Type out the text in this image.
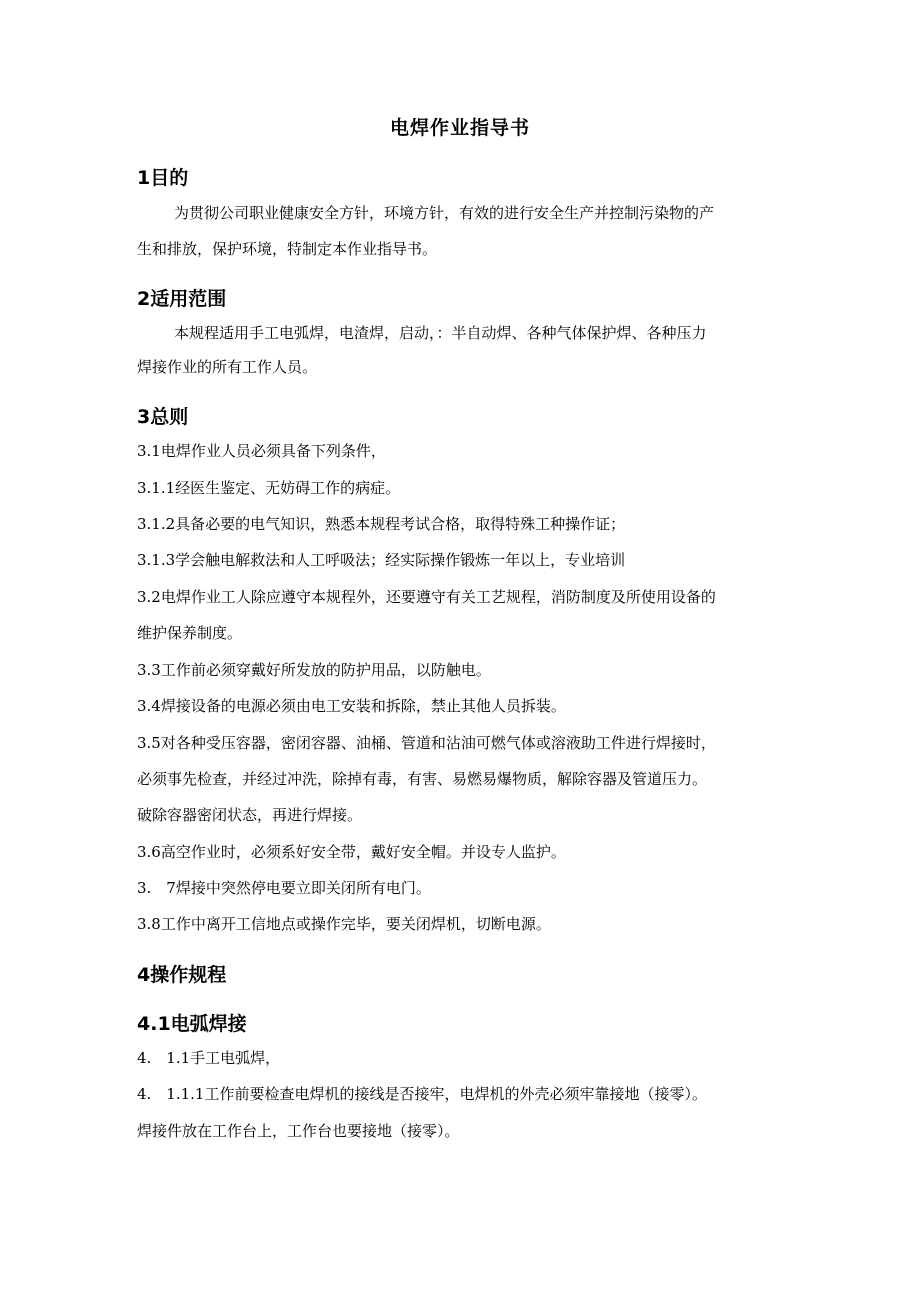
电焊作业指导书
1目的
为贯彻公司职业健康安全方针，环境方针，有效的进行安全生产并控制污染物的产
生和排放，保护环境，特制定本作业指导书。
2适用范围
本规程适用手工电弧焊，电渣焊，启动，：半自动焊、各种气体保护焊、各种压力
焊接作业的所有工作人员。
3总则
3.1电焊作业人员必须具备下列条件，
3.1.1经医生鉴定、无妨碍工作的病症。
3.1.2具备必要的电气知识，熟悉本规程考试合格，取得特殊工种操作证；
3.1.3学会触电解救法和人工呼吸法；经实际操作锻炼一年以上，专业培训
3.2电焊作业工人除应遵守本规程外，还要遵守有关工艺规程，消防制度及所使用设备的
维护保养制度。
3.3工作前必须穿戴好所发放的防护用品，以防触电。
3.4焊接设备的电源必须由电工安装和拆除，禁止其他人员拆装。
3.5对各种受压容器，密闭容器、油桶、管道和沾油可燃气体或溶液助工件进行焊接时，
必须事先检查，并经过冲洗，除掉有毒，有害、易燃易爆物质，解除容器及管道压力。
破除容器密闭状态，再进行焊接。
3.6高空作业时，必须系好安全带，戴好安全帽。并设专人监护。
3.　7焊接中突然停电要立即关闭所有电门。
3.8工作中离开工信地点或操作完毕，要关闭焊机，切断电源。
4操作规程
4.1电弧焊接
4.　1.1手工电弧焊，
4.　1.1.1工作前要检查电焊机的接线是否接牢，电焊机的外壳必须牢靠接地（接零）。
焊接件放在工作台上，工作台也要接地（接零）。
